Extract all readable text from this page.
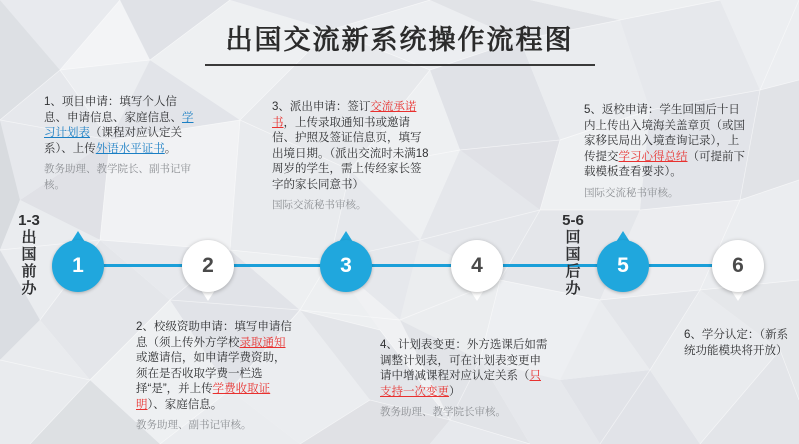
出国交流新系统操作流程图
1-3
出
国
前
办
5-6
回
国
后
办
1	2	3	4	5	6
1、项目申请：填写个人信息、申请信息、家庭信息、学习计划表（课程对应认定关系）、上传外语水平证书。
教务助理、教学院长、副书记审核。
2、校级资助申请：填写申请信息（须上传外方学校录取通知或邀请信，如申请学费资助，须在是否收取学费一栏选择“是”，并上传学费收取证明）、家庭信息。
教务助理、副书记审核。
3、派出申请：签订交流承诺书，上传录取通知书或邀请信、护照及签证信息页，填写出境日期。（派出交流时未满18周岁的学生，需上传经家长签字的家长同意书）
国际交流秘书审核。
4、计划表变更：外方选课后如需调整计划表，可在计划表变更申请中增减课程对应认定关系（只支持一次变更）
教务助理、教学院长审核。
5、返校申请：学生回国后十日内上传出入境海关盖章页（或国家移民局出入境查询记录），上传提交学习心得总结（可提前下载模板查看要求）。
国际交流秘书审核。
6、学分认定：（新系统功能模块将开放）
